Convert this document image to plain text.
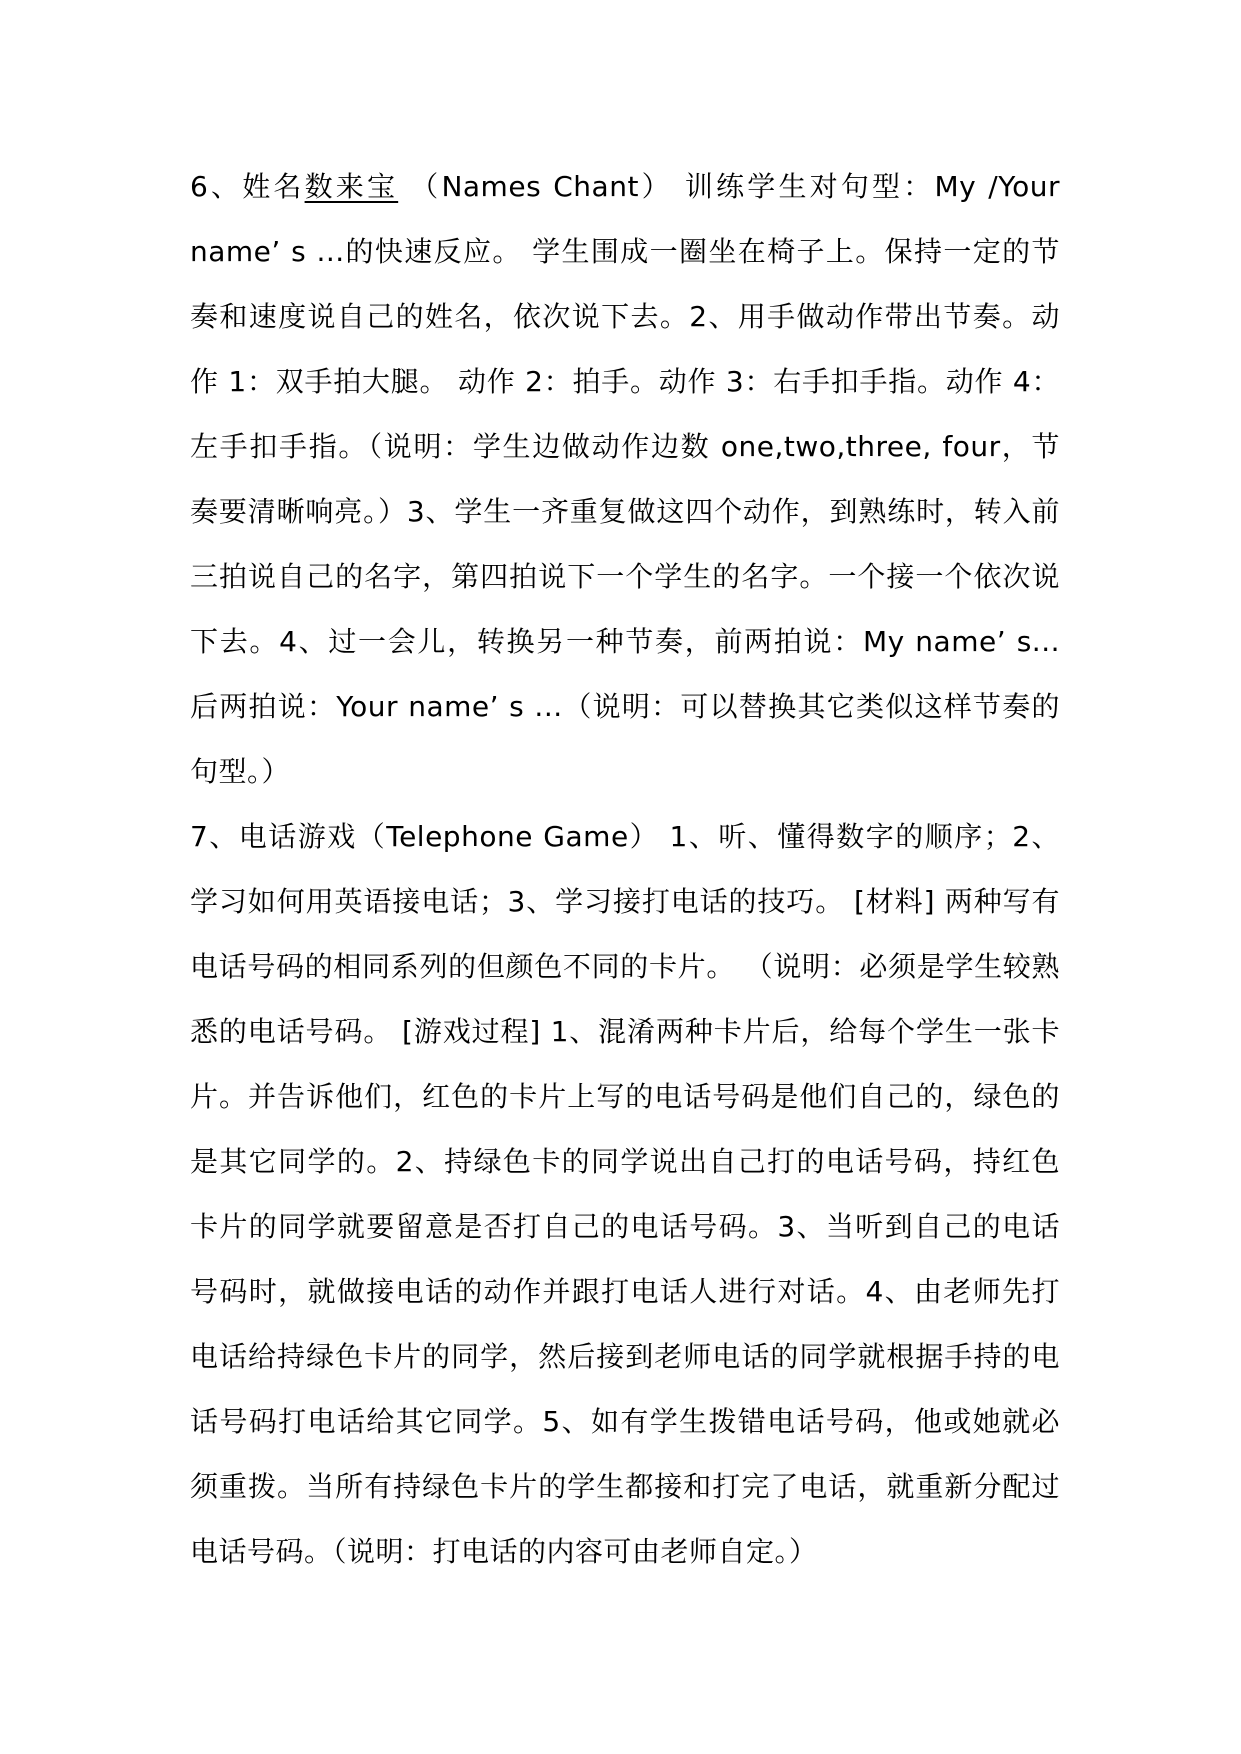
6、姓名数来宝 （Names Chant） 训练学生对句型：My /Your name’ s ...的快速反应。 学生围成一圈坐在椅子上。保持一定的节奏和速度说自己的姓名，依次说下去。2、用手做动作带出节奏。动作 1：双手拍大腿。 动作 2：拍手。动作 3：右手扣手指。动作 4：左手扣手指。（说明：学生边做动作边数 one,two,three, four，节奏要清晰响亮。）3、学生一齐重复做这四个动作，到熟练时，转入前三拍说自己的名字，第四拍说下一个学生的名字。一个接一个依次说下去。4、过一会儿，转换另一种节奏，前两拍说：My name’ s... 后两拍说：Your name’ s ...（说明：可以替换其它类似这样节奏的句型。）

7、电话游戏（Telephone Game） 1、听、懂得数字的顺序；2、学习如何用英语接电话；3、学习接打电话的技巧。 [材料] 两种写有电话号码的相同系列的但颜色不同的卡片。 （说明：必须是学生较熟悉的电话号码。 [游戏过程] 1、混淆两种卡片后，给每个学生一张卡片。并告诉他们，红色的卡片上写的电话号码是他们自己的，绿色的是其它同学的。2、持绿色卡的同学说出自己打的电话号码，持红色卡片的同学就要留意是否打自己的电话号码。3、当听到自己的电话号码时，就做接电话的动作并跟打电话人进行对话。4、由老师先打电话给持绿色卡片的同学，然后接到老师电话的同学就根据手持的电话号码打电话给其它同学。5、如有学生拨错电话号码，他或她就必须重拨。当所有持绿色卡片的学生都接和打完了电话，就重新分配过电话号码。（说明：打电话的内容可由老师自定。）
